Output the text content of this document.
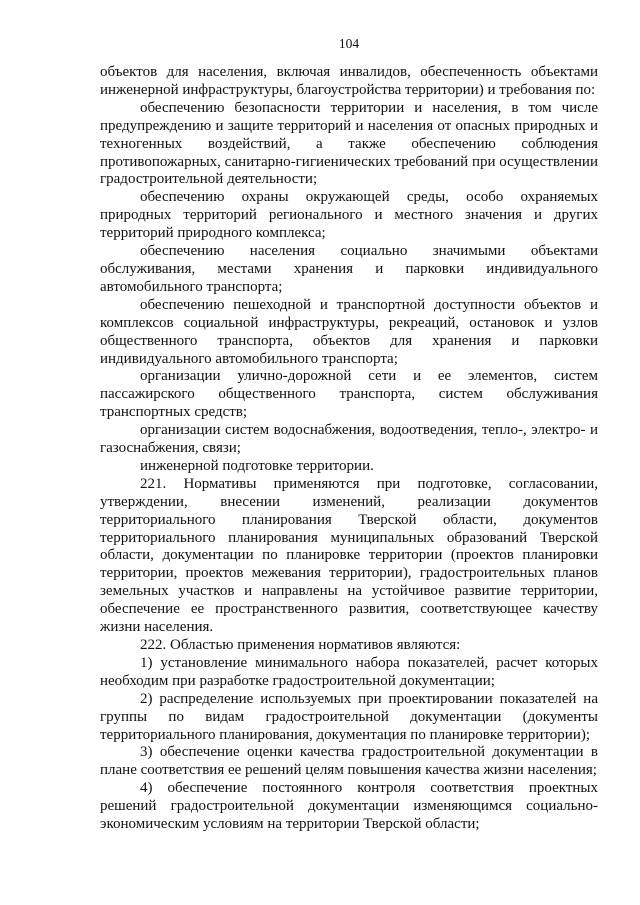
104

объектов для населения, включая инвалидов, обеспеченность объектами инженерной инфраструктуры, благоустройства территории) и требования по:

обеспечению безопасности территории и населения, в том числе предупреждению и защите территорий и населения от опасных природных и техногенных воздействий, а также обеспечению соблюдения противопожарных, санитарно-гигиенических требований при осуществлении градостроительной деятельности;

обеспечению охраны окружающей среды, особо охраняемых природных территорий регионального и местного значения и других территорий природного комплекса;

обеспечению населения социально значимыми объектами обслуживания, местами хранения и парковки индивидуального автомобильного транспорта;

обеспечению пешеходной и транспортной доступности объектов и комплексов социальной инфраструктуры, рекреаций, остановок и узлов общественного транспорта, объектов для хранения и парковки индивидуального автомобильного транспорта;

организации улично-дорожной сети и ее элементов, систем пассажирского общественного транспорта, систем обслуживания транспортных средств;

организации систем водоснабжения, водоотведения, тепло-, электро- и газоснабжения, связи;

инженерной подготовке территории.

221. Нормативы применяются при подготовке, согласовании, утверждении, внесении изменений, реализации документов территориального планирования Тверской области, документов территориального планирования муниципальных образований Тверской области, документации по планировке территории (проектов планировки территории, проектов межевания территории), градостроительных планов земельных участков и направлены на устойчивое развитие территории, обеспечение ее пространственного развития, соответствующее качеству жизни населения.

222. Областью применения нормативов являются:

1) установление минимального набора показателей, расчет которых необходим при разработке градостроительной документации;

2) распределение используемых при проектировании показателей на группы по видам градостроительной документации (документы территориального планирования, документация по планировке территории);

3) обеспечение оценки качества градостроительной документации в плане соответствия ее решений целям повышения качества жизни населения;

4) обеспечение постоянного контроля соответствия проектных решений градостроительной документации изменяющимся социально-экономическим условиям на территории Тверской области;
